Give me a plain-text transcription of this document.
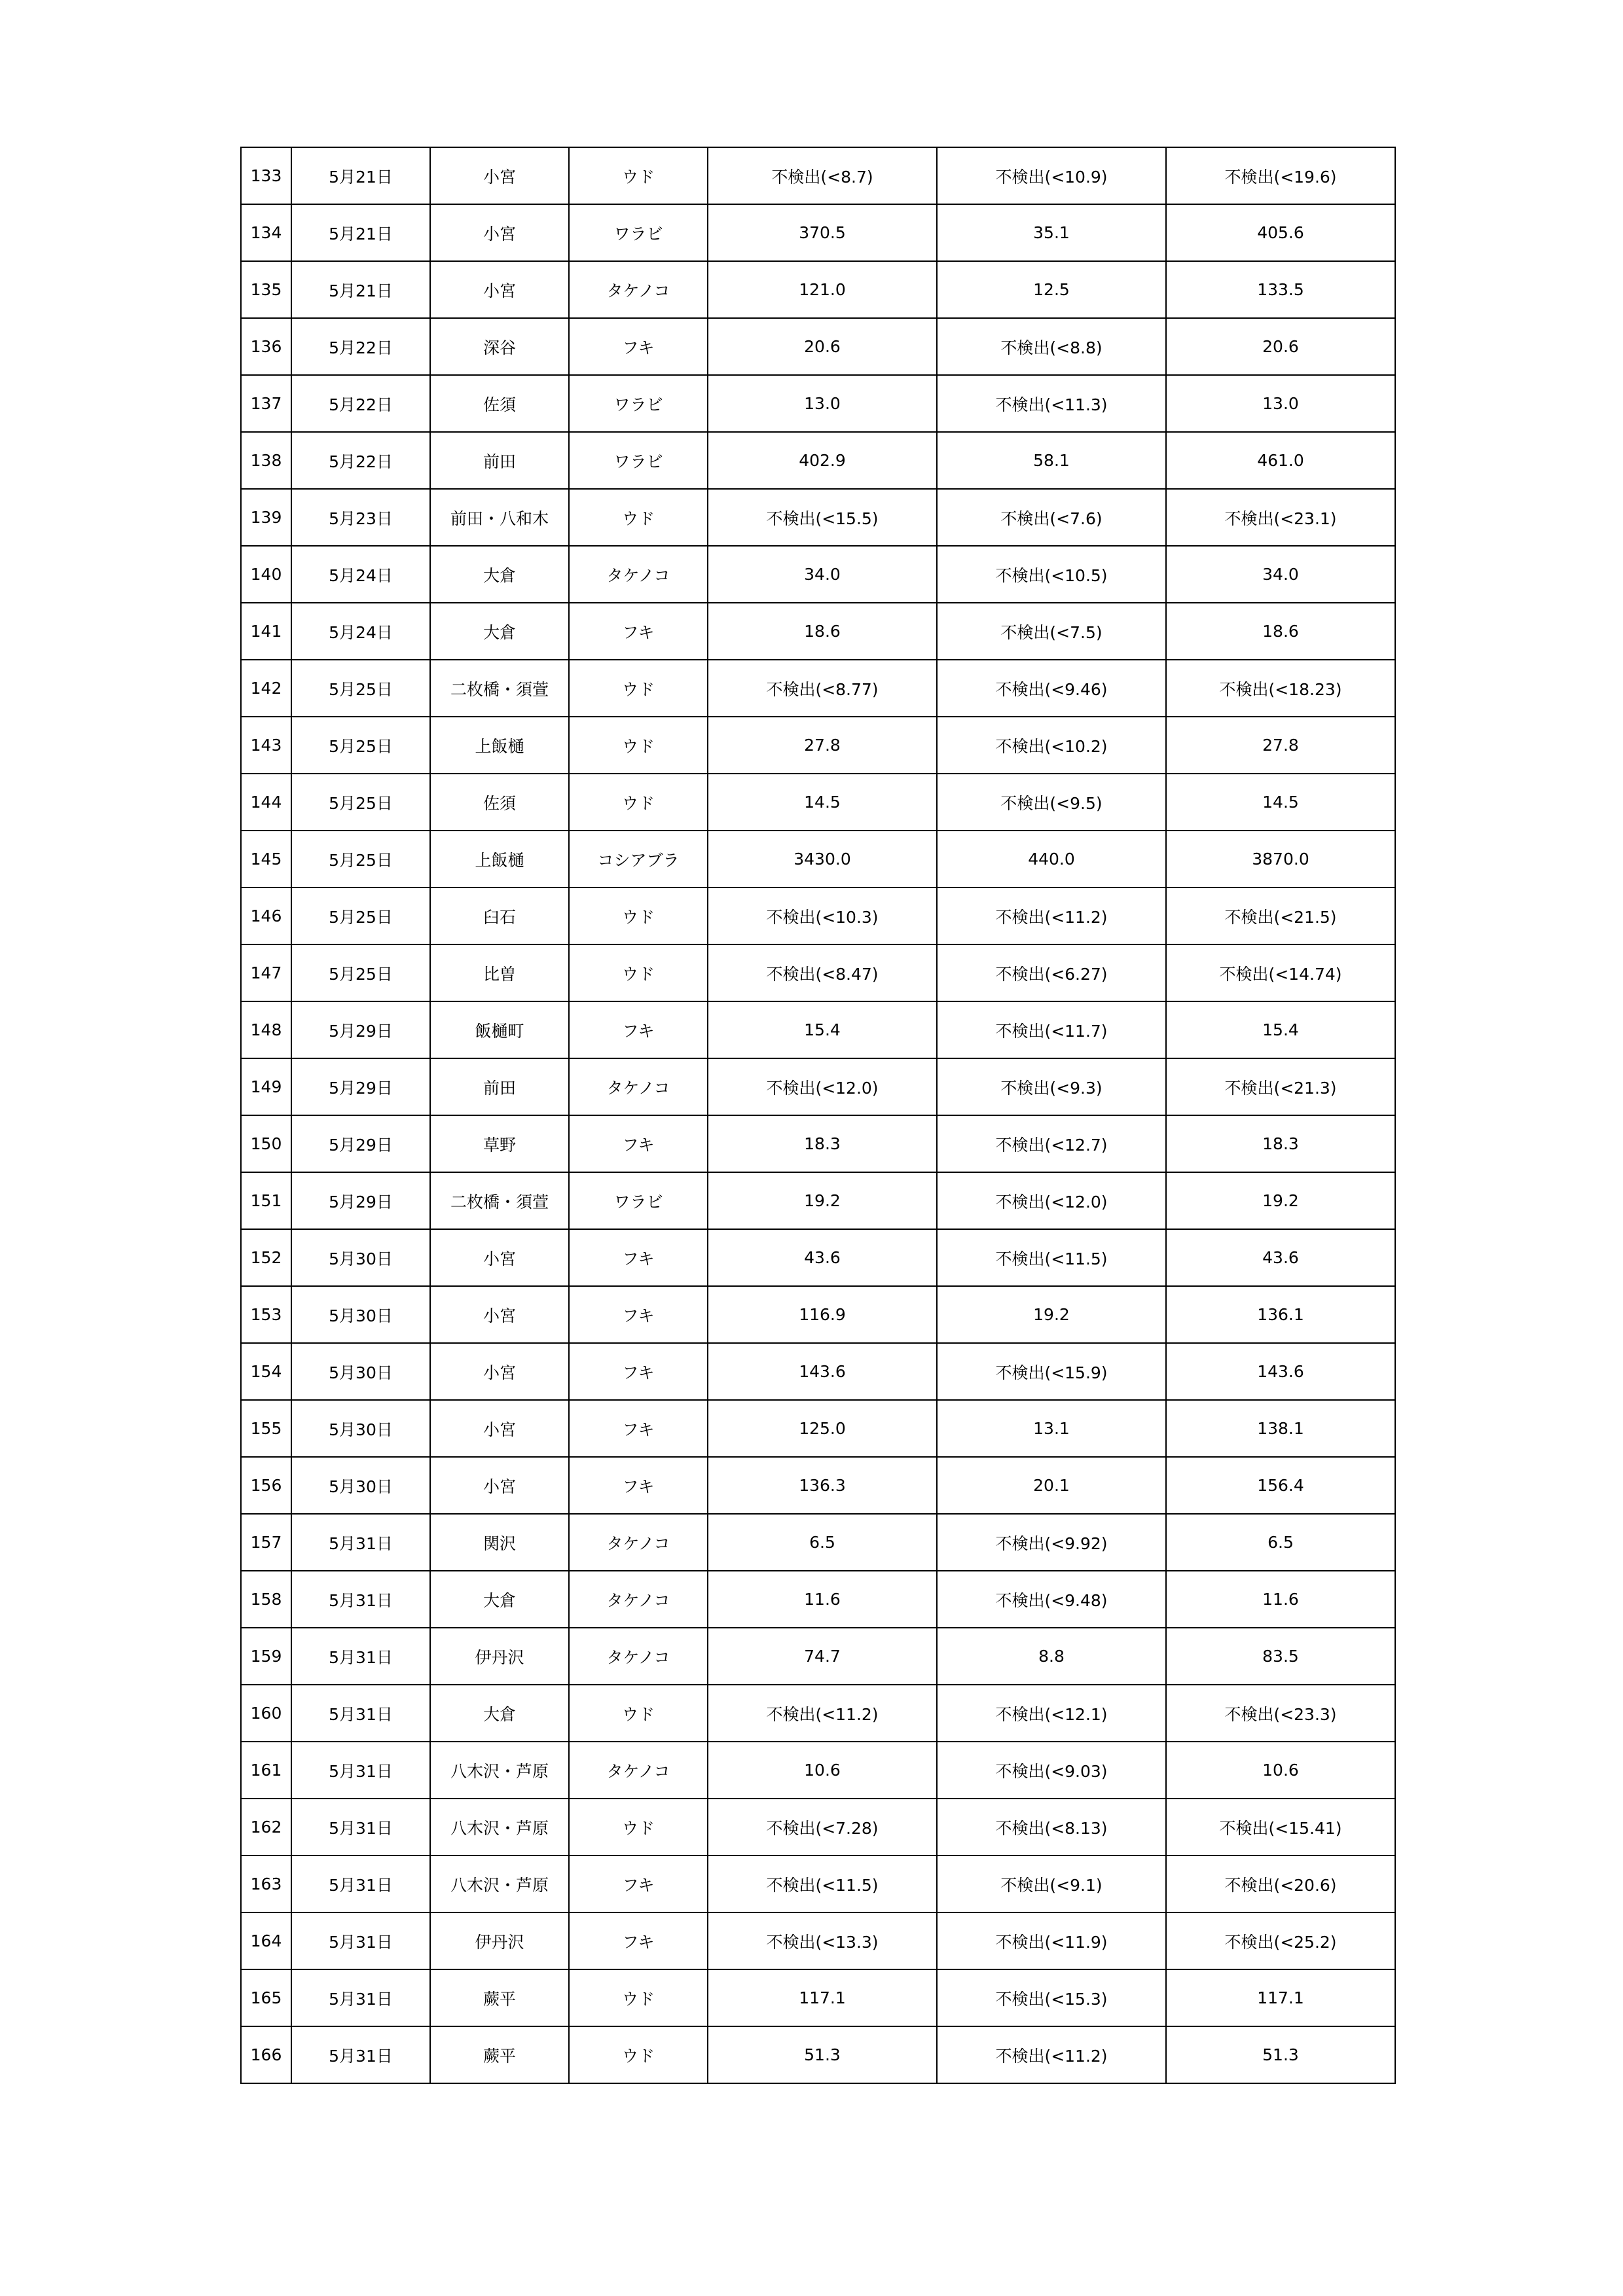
133	5月21日	小宮	ウド	不検出(<8.7)	不検出(<10.9)	不検出(<19.6)
134	5月21日	小宮	ワラビ	370.5	35.1	405.6
135	5月21日	小宮	タケノコ	121.0	12.5	133.5
136	5月22日	深谷	フキ	20.6	不検出(<8.8)	20.6
137	5月22日	佐須	ワラビ	13.0	不検出(<11.3)	13.0
138	5月22日	前田	ワラビ	402.9	58.1	461.0
139	5月23日	前田・八和木	ウド	不検出(<15.5)	不検出(<7.6)	不検出(<23.1)
140	5月24日	大倉	タケノコ	34.0	不検出(<10.5)	34.0
141	5月24日	大倉	フキ	18.6	不検出(<7.5)	18.6
142	5月25日	二枚橋・須萱	ウド	不検出(<8.77)	不検出(<9.46)	不検出(<18.23)
143	5月25日	上飯樋	ウド	27.8	不検出(<10.2)	27.8
144	5月25日	佐須	ウド	14.5	不検出(<9.5)	14.5
145	5月25日	上飯樋	コシアブラ	3430.0	440.0	3870.0
146	5月25日	臼石	ウド	不検出(<10.3)	不検出(<11.2)	不検出(<21.5)
147	5月25日	比曽	ウド	不検出(<8.47)	不検出(<6.27)	不検出(<14.74)
148	5月29日	飯樋町	フキ	15.4	不検出(<11.7)	15.4
149	5月29日	前田	タケノコ	不検出(<12.0)	不検出(<9.3)	不検出(<21.3)
150	5月29日	草野	フキ	18.3	不検出(<12.7)	18.3
151	5月29日	二枚橋・須萱	ワラビ	19.2	不検出(<12.0)	19.2
152	5月30日	小宮	フキ	43.6	不検出(<11.5)	43.6
153	5月30日	小宮	フキ	116.9	19.2	136.1
154	5月30日	小宮	フキ	143.6	不検出(<15.9)	143.6
155	5月30日	小宮	フキ	125.0	13.1	138.1
156	5月30日	小宮	フキ	136.3	20.1	156.4
157	5月31日	関沢	タケノコ	6.5	不検出(<9.92)	6.5
158	5月31日	大倉	タケノコ	11.6	不検出(<9.48)	11.6
159	5月31日	伊丹沢	タケノコ	74.7	8.8	83.5
160	5月31日	大倉	ウド	不検出(<11.2)	不検出(<12.1)	不検出(<23.3)
161	5月31日	八木沢・芦原	タケノコ	10.6	不検出(<9.03)	10.6
162	5月31日	八木沢・芦原	ウド	不検出(<7.28)	不検出(<8.13)	不検出(<15.41)
163	5月31日	八木沢・芦原	フキ	不検出(<11.5)	不検出(<9.1)	不検出(<20.6)
164	5月31日	伊丹沢	フキ	不検出(<13.3)	不検出(<11.9)	不検出(<25.2)
165	5月31日	蕨平	ウド	117.1	不検出(<15.3)	117.1
166	5月31日	蕨平	ウド	51.3	不検出(<11.2)	51.3
